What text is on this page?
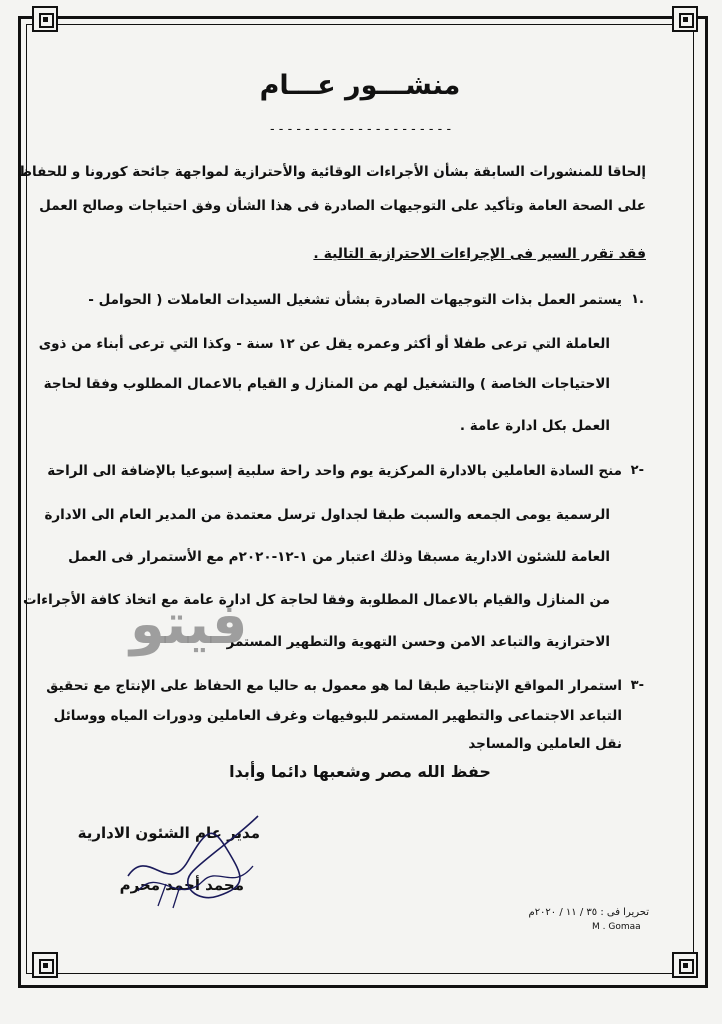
منشـــور عـــام
---------------------
إلحاقا للمنشورات السابقة بشأن الأجراءات الوقائية والأحترازية لمواجهة جائحة كورونا و للحفاظ
على الصحة العامة وتأكيد على التوجيهات الصادرة فى هذا الشأن وفق احتياجات وصالح العمل
فقد تقرر السير فى الإجراءات الاحترازية التالية .
.١
يستمر العمل بذات التوجيهات الصادرة بشأن تشغيل السيدات العاملات ( الحوامل -
العاملة التي ترعى طفلا أو أكثر وعمره يقل عن ١٢ سنة - وكذا التي ترعى أبناء من ذوى
الاحتياجات الخاصة ) والتشغيل لهم من المنازل و القيام بالاعمال المطلوب وفقا لحاجة
العمل بكل ادارة عامة .
-٢
منح السادة العاملين بالادارة المركزية يوم واحد راحة سلبية إسبوعيا بالإضافة الى الراحة
الرسمية يومى الجمعه والسبت طبقا لجداول ترسل معتمدة من المدير العام الى الادارة
العامة للشئون الادارية مسبقا وذلك اعتبار من ١-١٢-٢٠٢٠م مع الأستمرار فى العمل
من المنازل والقيام بالاعمال المطلوبة وفقا لحاجة كل ادارة عامة مع اتخاذ كافة الأجراءات
الاحترازية والتباعد الامن وحسن التهوية والتطهير المستمر
-٣
استمرار المواقع الإنتاجية طبقا لما هو معمول به حاليا مع الحفاظ على الإنتاج مع تحقيق
التباعد الاجتماعى والتطهير المستمر للبوفيهات وغرف العاملين ودورات المياه ووسائل
نقل العاملين والمساجد
حفظ الله مصر وشعبها دائما وأبدا
مدير عام الشئون الادارية
محمد أحمد محرم
تحريرا فى : ٣٥ / ١١ / ٢٠٢٠م
M . Gomaa
فيتو
